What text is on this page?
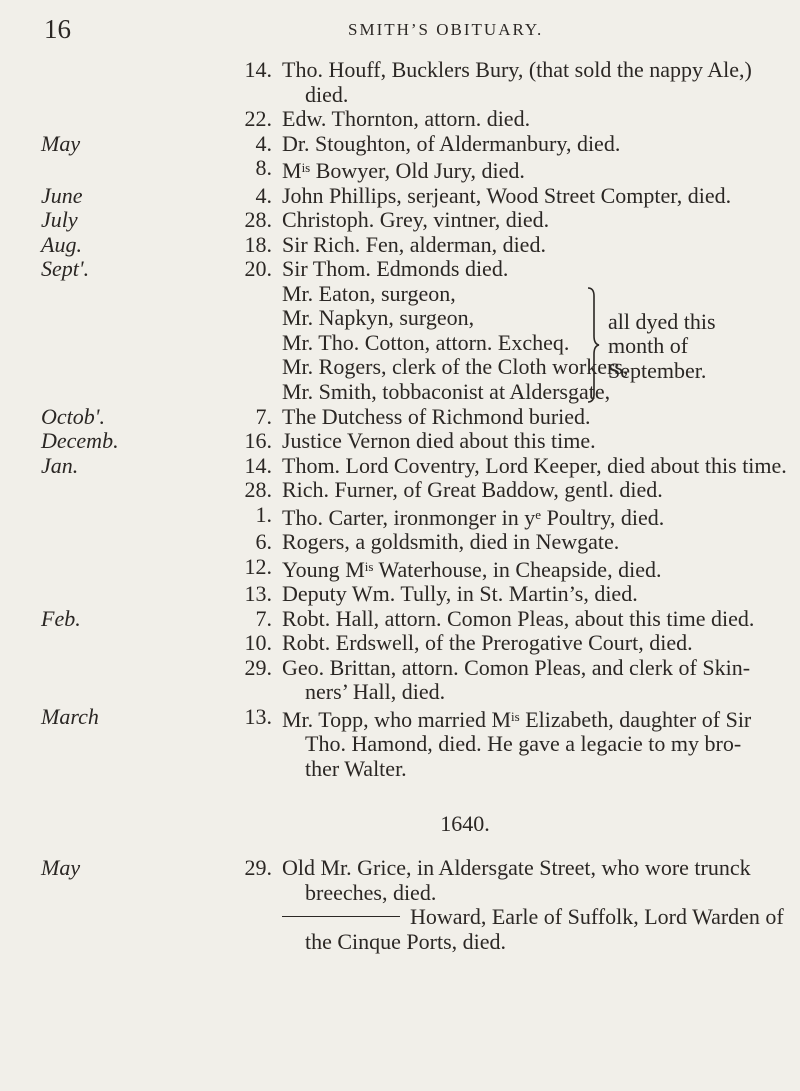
16	SMITH’S OBITUARY.
14. Tho. Houff, Bucklers Bury, (that sold the nappy Ale,)
died.
22. Edw. Thornton, attorn. died.
May	4. Dr. Stoughton, of Aldermanbury, died.
8. $M^{is}$ Bowyer, Old Jury, died.
June	4. John Phillips, serjeant, Wood Street Compter, died.
July	28. Christoph. Grey, vintner, died.
Aug.	18. Sir Rich. Fen, alderman, died.
Sept'.	20. Sir Thom. Edmonds died.
Mr. Eaton, surgeon,
Mr. Napkyn, surgeon,
Mr. Tho. Cotton, attorn. Excheq.
Mr. Rogers, clerk of the Cloth workers,
Mr. Smith, tobbaconist at Aldersgate,
all dyed this
month of
September.
Octob'.	7. The Dutchess of Richmond buried.
Decemb.	16. Justice Vernon died about this time.
Jan.	14. Thom. Lord Coventry, Lord Keeper, died about this time.
28. Rich. Furner, of Great Baddow, gentl. died.
1. Tho. Carter, ironmonger in $y^e$ Poultry, died.
6. Rogers, a goldsmith, died in Newgate.
12. Young $M^{is}$ Waterhouse, in Cheapside, died.
13. Deputy Wm. Tully, in St. Martin’s, died.
Feb.	7. Robt. Hall, attorn. Comon Pleas, about this time died.
10. Robt. Erdswell, of the Prerogative Court, died.
29. Geo. Brittan, attorn. Comon Pleas, and clerk of Skin-
ners’ Hall, died.
March	13. Mr. Topp, who married $M^{is}$ Elizabeth, daughter of Sir
Tho. Hamond, died. He gave a legacie to my bro-
ther Walter.
1640.
May	29. Old Mr. Grice, in Aldersgate Street, who wore trunck
breeches, died.
Howard, Earle of Suffolk, Lord Warden of
the Cinque Ports, died.
